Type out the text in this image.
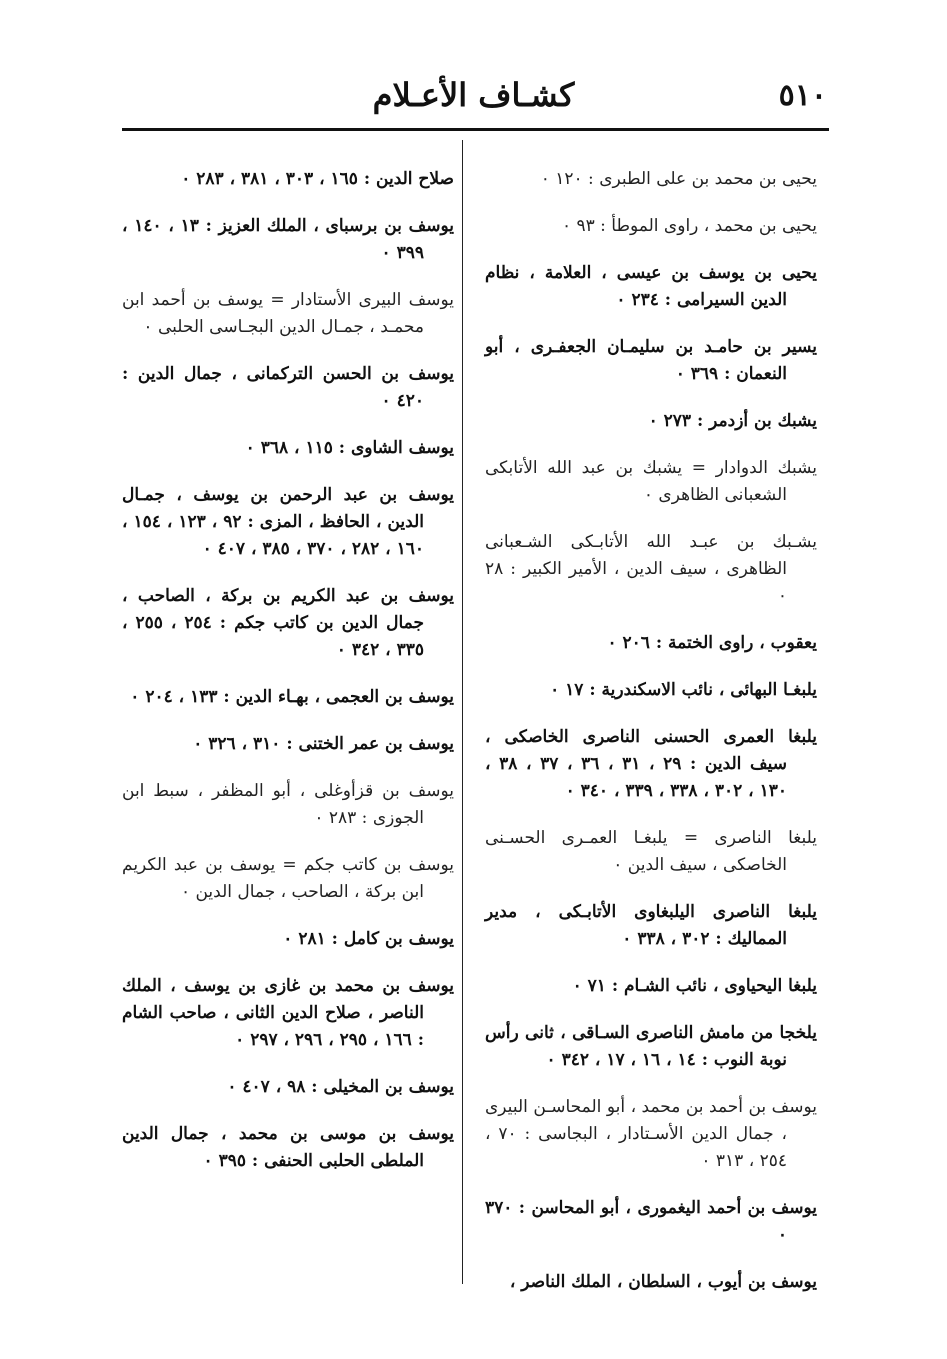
٥١٠
كشـاف الأعـلام

يحيى بن محمد بن على الطبرى : ١٢٠ ٠

يحيى بن محمد ، راوى الموطأ : ٩٣ ٠

يحيى بن يوسف بن عيسى ، العلامة ، نظام الدين السيرامى : ٢٣٤ ٠

يسير بن حامـد بن سليمـان الجعفـرى ، أبو النعمان : ٣٦٩ ٠

يشبك بن أزدمر : ٢٧٣ ٠

يشبك الدوادار = يشبك بن عبد الله الأتابكى الشعبانى الظاهرى ٠

يشـبك بن عبـد الله الأتابـكى الشـعبانى الظاهرى ، سيف الدين ، الأمير الكبير : ٢٨ ٠

يعقوب ، راوى الختمة : ٢٠٦ ٠

يلبغـا البهائى ، نائب الاسكندرية : ١٧ ٠

يلبغا العمرى الحسنى الناصرى الخاصكى ، سيف الدين : ٢٩ ، ٣١ ، ٣٦ ، ٣٧ ، ٣٨ ، ١٣٠ ، ٣٠٢ ، ٣٣٨ ، ٣٣٩ ، ٣٤٠ ٠

يلبغا الناصرى = يلبغـا العمـرى الحسـنى الخاصكى ، سيف الدين ٠

يلبغا الناصرى اليلبغاوى الأتابـكى ، مدير المماليك : ٣٠٢ ، ٣٣٨ ٠

يلبغا اليحياوى ، نائب الشـام : ٧١ ٠

يلخجا من مامش الناصرى السـاقى ، ثانى رأس نوبة النوب : ١٤ ، ١٦ ، ١٧ ، ٣٤٢ ٠

يوسف بن أحمد بن محمد ، أبو المحاسـن البيرى ، جمال الدين الأسـتادار ، البجاسى : ٧٠ ، ٢٥٤ ، ٣١٣ ٠

يوسف بن أحمد اليغمورى ، أبو المحاسن : ٣٧٠ ٠

يوسف بن أيوب ، السلطان ، الملك الناصر ،

صلاح الدين : ١٦٥ ، ٣٠٣ ، ٣٨١ ، ٢٨٣ ٠

يوسف بن برسباى ، الملك العزيز : ١٣ ، ١٤٠ ، ٣٩٩ ٠

يوسف البيرى الأستادار = يوسف بن أحمد ابن محمـد ، جمـال الدين البجـاسى الحلبى ٠

يوسف بن الحسن التركمانى ، جمال الدين : ٤٢٠ ٠

يوسف الشاوى : ١١٥ ، ٣٦٨ ٠

يوسف بن عبد الرحمن بن يوسف ، جمـال الدين ، الحافظ ، المزى : ٩٢ ، ١٢٣ ، ١٥٤ ، ١٦٠ ، ٢٨٢ ، ٣٧٠ ، ٣٨٥ ، ٤٠٧ ٠

يوسف بن عبد الكريم بن بركة ، الصاحب ، جمال الدين بن كاتب جكم : ٢٥٤ ، ٢٥٥ ، ٣٣٥ ، ٣٤٢ ٠

يوسف بن العجمى ، بهـاء الدين : ١٣٣ ، ٢٠٤ ٠

يوسف بن عمر الختنى : ٣١٠ ، ٣٢٦ ٠

يوسف بن قزأوغلى ، أبو المظفر ، سبط ابن الجوزى : ٢٨٣ ٠

يوسف بن كاتب جكم = يوسف بن عبد الكريم ابن بركة ، الصاحب ، جمال الدين ٠

يوسف بن كامل : ٢٨١ ٠

يوسف بن محمد بن غازى بن يوسف ، الملك الناصر ، صلاح الدين الثانى ، صاحب الشام : ١٦٦ ، ٢٩٥ ، ٢٩٦ ، ٢٩٧ ٠

يوسف بن المخيلى : ٩٨ ، ٤٠٧ ٠

يوسف بن موسى بن محمد ، جمال الدين الملطى الحلبى الحنفى : ٣٩٥ ٠
